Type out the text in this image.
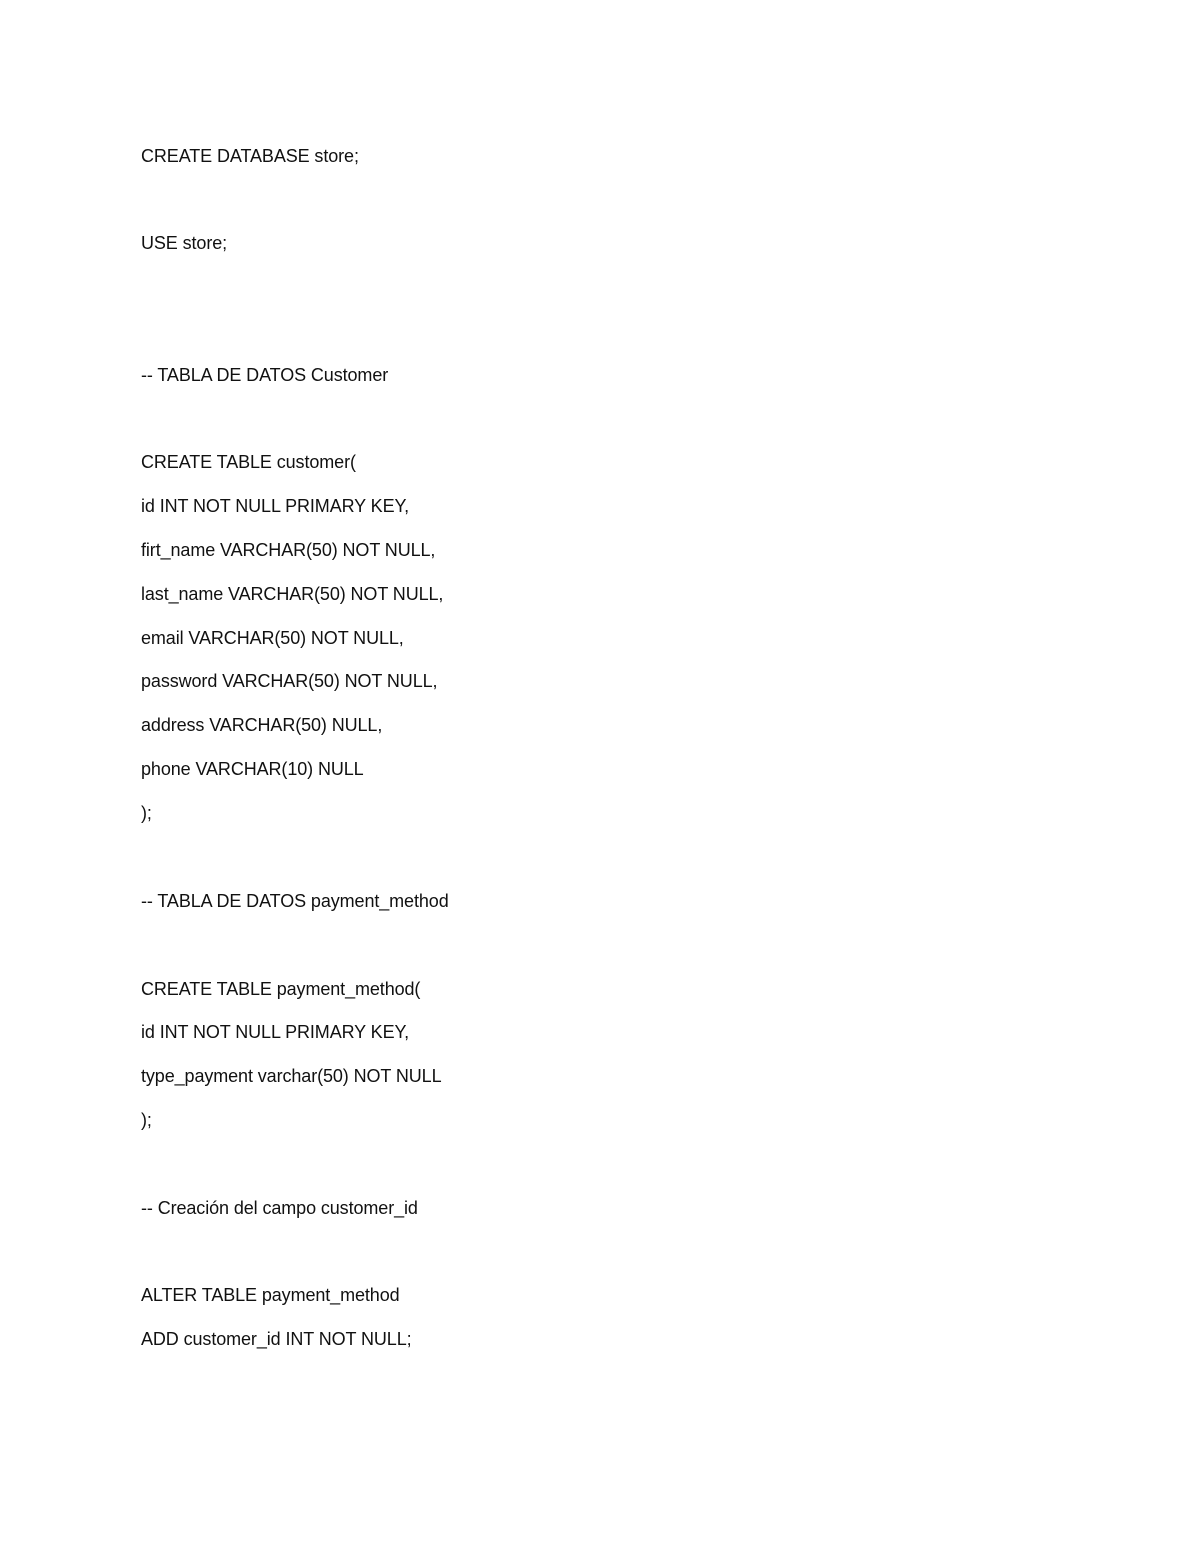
CREATE DATABASE store;
USE store;
-- TABLA DE DATOS Customer
CREATE TABLE customer(
id INT NOT NULL PRIMARY KEY,
firt_name VARCHAR(50) NOT NULL,
last_name VARCHAR(50) NOT NULL,
email VARCHAR(50) NOT NULL,
password VARCHAR(50) NOT NULL,
address VARCHAR(50) NULL,
phone VARCHAR(10) NULL
);
-- TABLA DE DATOS payment_method
CREATE TABLE payment_method(
id INT NOT NULL PRIMARY KEY,
type_payment varchar(50) NOT NULL
);
-- Creación del campo customer_id
ALTER TABLE payment_method
ADD customer_id INT NOT NULL;
